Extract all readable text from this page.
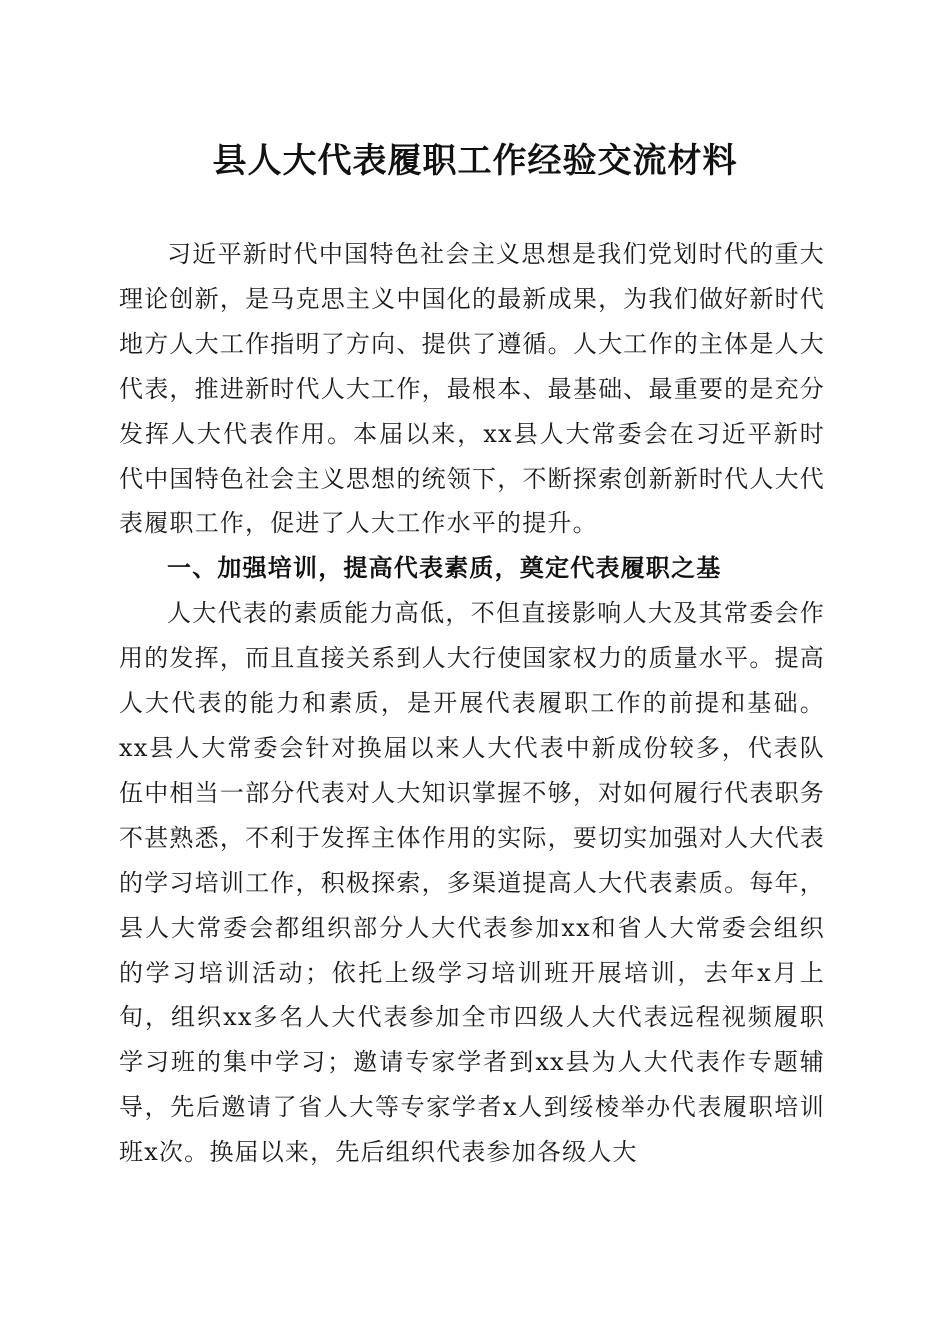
县人大代表履职工作经验交流材料

习近平新时代中国特色社会主义思想是我们党划时代的重大理论创新，是马克思主义中国化的最新成果，为我们做好新时代地方人大工作指明了方向、提供了遵循。人大工作的主体是人大代表，推进新时代人大工作，最根本、最基础、最重要的是充分发挥人大代表作用。本届以来，xx县人大常委会在习近平新时代中国特色社会主义思想的统领下，不断探索创新新时代人大代表履职工作，促进了人大工作水平的提升。

一、加强培训，提高代表素质，奠定代表履职之基

人大代表的素质能力高低，不但直接影响人大及其常委会作用的发挥，而且直接关系到人大行使国家权力的质量水平。提高人大代表的能力和素质，是开展代表履职工作的前提和基础。xx县人大常委会针对换届以来人大代表中新成份较多，代表队伍中相当一部分代表对人大知识掌握不够，对如何履行代表职务不甚熟悉，不利于发挥主体作用的实际，要切实加强对人大代表的学习培训工作，积极探索，多渠道提高人大代表素质。每年，县人大常委会都组织部分人大代表参加xx和省人大常委会组织的学习培训活动；依托上级学习培训班开展培训，去年x月上旬，组织xx多名人大代表参加全市四级人大代表远程视频履职学习班的集中学习；邀请专家学者到xx县为人大代表作专题辅导，先后邀请了省人大等专家学者x人到绥棱举办代表履职培训班x次。换届以来，先后组织代表参加各级人大
